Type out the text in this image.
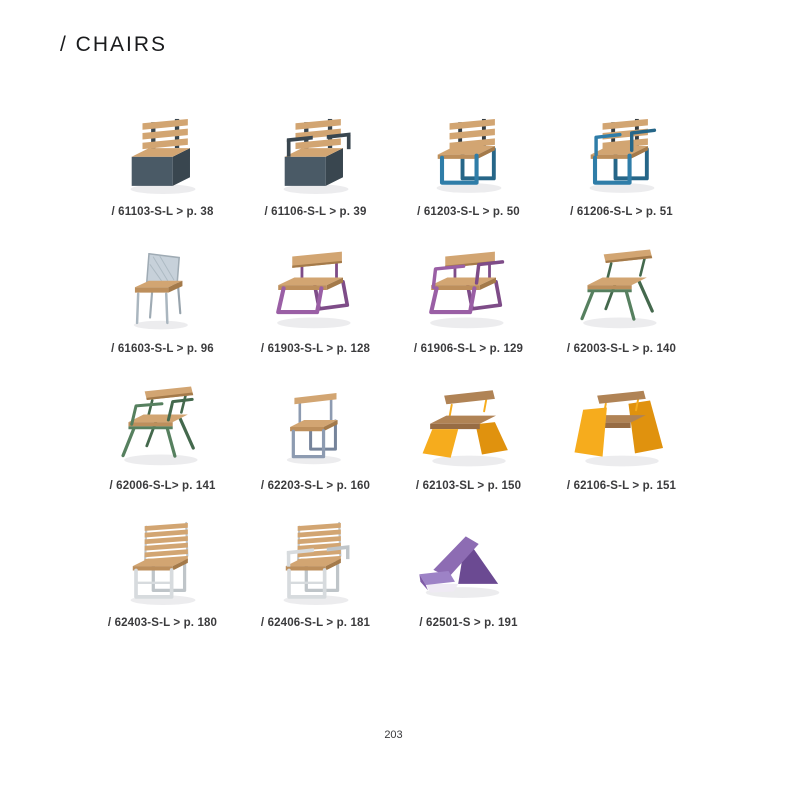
/ CHAIRS
/ 61103-S-L > p. 38	/ 61106-S-L > p. 39	/ 61203-S-L > p. 50	/ 61206-S-L > p. 51
/ 61603-S-L > p. 96	/ 61903-S-L > p. 128	/ 61906-S-L > p. 129	/ 62003-S-L > p. 140
/ 62006-S-L> p. 141	/ 62203-S-L > p. 160	/ 62103-SL > p. 150	/ 62106-S-L > p. 151
/ 62403-S-L > p. 180	/ 62406-S-L > p. 181	/ 62501-S > p. 191
203
